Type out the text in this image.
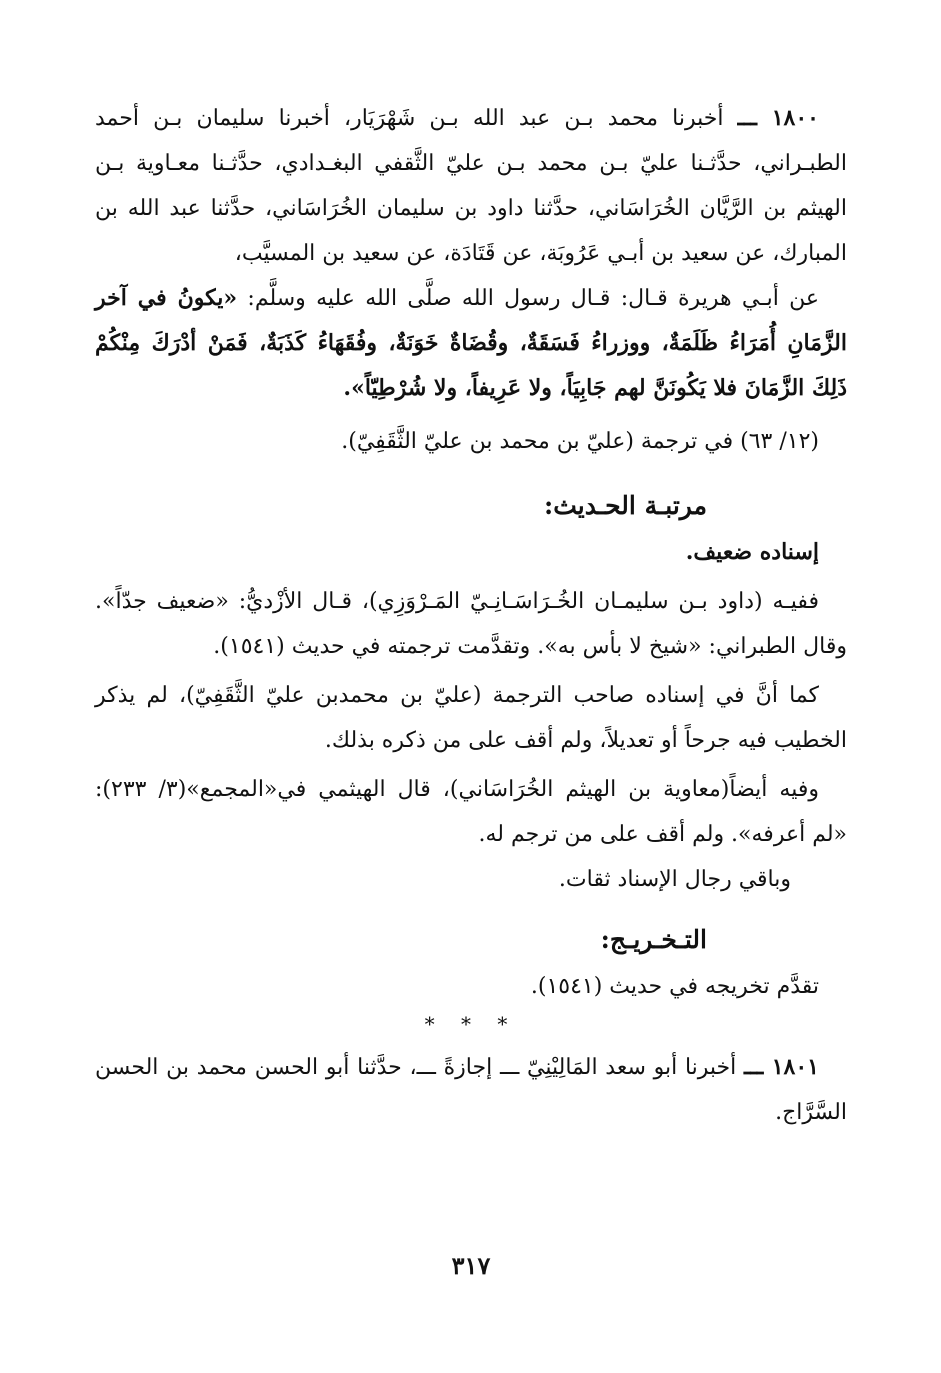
١٨٠٠ ـــ أخبرنا محمد بـن عبد الله بـن شَهْرَيَار، أخبرنا سليمان بـن أحمد الطبـراني، حدَّثـنا عليّ بـن محمد بـن عليّ الثَّقفي البغـدادي، حدَّثـنا معـاوية بـن الهيثم بن الرَّيَّان الخُرَاسَاني، حدَّثنا داود بن سليمان الخُرَاسَاني، حدَّثنا عبد الله بن المبارك، عن سعيد بن أبـي عَرُوبَة، عن قَتَادَة، عن سعيد بن المسيَّب،

عن أبـي هريرة قـال: قـال رسول الله صلَّى الله عليه وسلَّم: «يكونُ في آخر الزَّمَانِ أُمَرَاءُ ظَلَمَةٌ، ووزراءُ فَسَقَةٌ، وقُضَاةٌ خَوَنَةٌ، وفُقَهَاءُ كَذَبَةٌ، فَمَنْ أدْرَكَ مِنْكُمْ ذَلِكَ الزَّمَانَ فلا يَكُونَنَّ لهم جَابِيَاً، ولا عَرِيفاً، ولا شُرْطِيّاً».

(١٢/ ٦٣) في ترجمة (عليّ بن محمد بن عليّ الثَّقَفِيّ).

مرتبـة الحـديث:

إسناده ضعيف.

ففيـه (داود بـن سليمـان الخُـرَاسَـانِـيّ المَـرْوَزِي)، قـال الأزْديُّ: «ضعيف جدّاً». وقال الطبراني: «شيخ لا بأس به». وتقدَّمت ترجمته في حديث (١٥٤١).

كما أنَّ في إسناده صاحب الترجمة (عليّ بن محمدبن عليّ الثَّقَفِيّ)، لم يذكر الخطيب فيه جرحاً أو تعديلاً، ولم أقف على من ذكره بذلك.

وفيه أيضاً(معاوية بن الهيثم الخُرَاسَاني)، قال الهيثمي في«المجمع»(٣/ ٢٣٣): «لم أعرفه». ولم أقف على من ترجم له.

وباقي رجال الإسناد ثقات.

التـخـريـج:

تقدَّم تخريجه في حديث (١٥٤١).

* * *

١٨٠١ ـــ أخبرنا أبو سعد المَالِيْنِيّ ـــ إجازةً ـــ، حدَّثنا أبو الحسن محمد بن الحسن السَّرَّاج.

٣١٧
